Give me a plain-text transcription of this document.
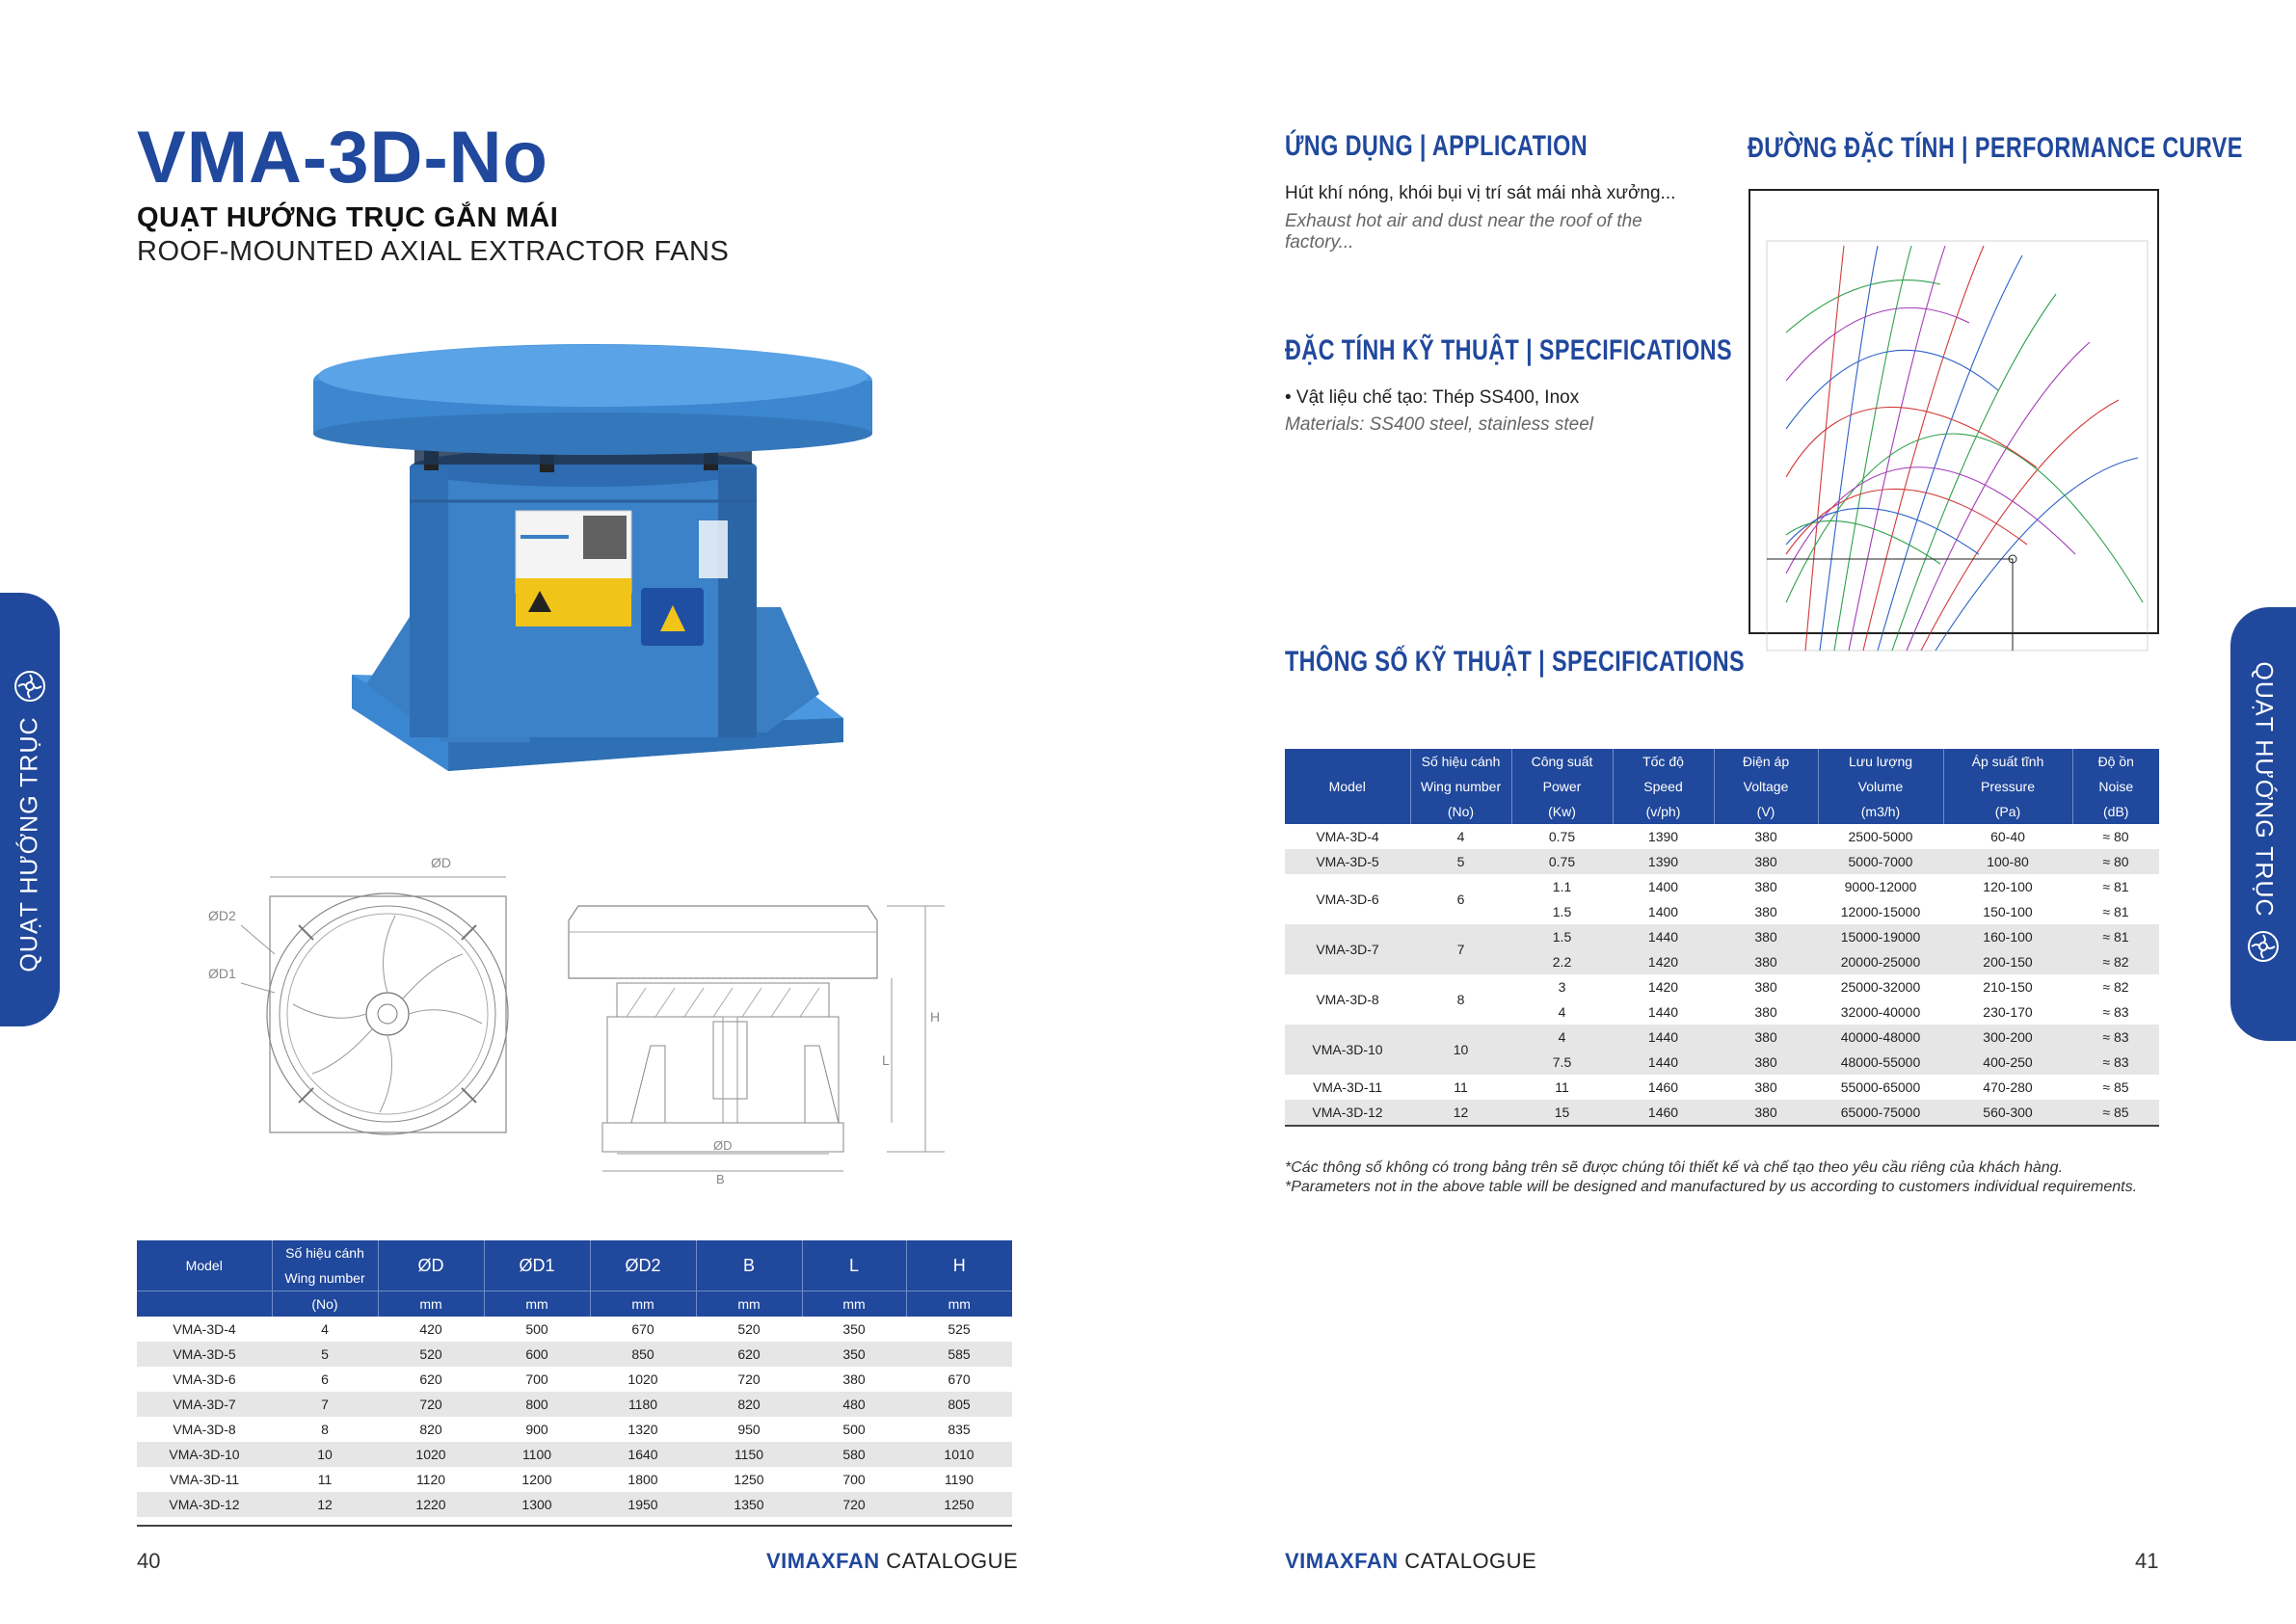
VMA-3D-No
QUẠT HƯỚNG TRỤC GẮN MÁI
ROOF-MOUNTED AXIAL EXTRACTOR FANS
QUẠT HƯỚNG TRỤC	ØD
ØD2
ØD1
H
L
ØD
B
Model	Số hiệu cánh	ØD	ØD1	ØD2	B	L	H
	Wing number						
	(No)	mm	mm	mm	mm	mm	mm
VMA-3D-4	4	420	500	670	520	350	525
VMA-3D-5	5	520	600	850	620	350	585
VMA-3D-6	6	620	700	1020	720	380	670
VMA-3D-7	7	720	800	1180	820	480	805
VMA-3D-8	8	820	900	1320	950	500	835
VMA-3D-10	10	1020	1100	1640	1150	580	1010
VMA-3D-11	11	1120	1200	1800	1250	700	1190
VMA-3D-12	12	1220	1300	1950	1350	720	1250
40	VIMAXFAN CATALOGUE
ỨNG DỤNG | APPLICATION
Hút khí nóng, khói bụi vị trí sát mái nhà xưởng...
Exhaust hot air and dust near the roof of the factory...
ĐẶC TÍNH KỸ THUẬT | SPECIFICATIONS
• Vật liệu chế tạo: Thép SS400, Inox
Materials: SS400 steel, stainless steel
ĐƯỜNG ĐẶC TÍNH | PERFORMANCE CURVE
QUẠT HƯỚNG TRỤC
THÔNG SỐ KỸ THUẬT | SPECIFICATIONS
Model	Số hiệu cánh	Công suất	Tốc độ	Điện áp	Lưu lượng	Áp suất tĩnh	Độ ồn
	Wing number	Power	Speed	Voltage	Volume	Pressure	Noise
	(No)	(Kw)	(v/ph)	(V)	(m3/h)	(Pa)	(dB)
VMA-3D-4	4	0.75	1390	380	2500-5000	60-40	≈ 80
VMA-3D-5	5	0.75	1390	380	5000-7000	100-80	≈ 80
VMA-3D-6	6	1.1	1400	380	9000-12000	120-100	≈ 81
		1.5	1400	380	12000-15000	150-100	≈ 81
VMA-3D-7	7	1.5	1440	380	15000-19000	160-100	≈ 81
		2.2	1420	380	20000-25000	200-150	≈ 82
VMA-3D-8	8	3	1420	380	25000-32000	210-150	≈ 82
		4	1440	380	32000-40000	230-170	≈ 83
VMA-3D-10	10	4	1440	380	40000-48000	300-200	≈ 83
		7.5	1440	380	48000-55000	400-250	≈ 83
VMA-3D-11	11	11	1460	380	55000-65000	470-280	≈ 85
VMA-3D-12	12	15	1460	380	65000-75000	560-300	≈ 85
*Các thông số không có trong bảng trên sẽ được chúng tôi thiết kế và chế tạo theo yêu cầu riêng của khách hàng.
*Parameters not in the above table will be designed and manufactured by us according to customers individual requirements.
VIMAXFAN CATALOGUE	41
